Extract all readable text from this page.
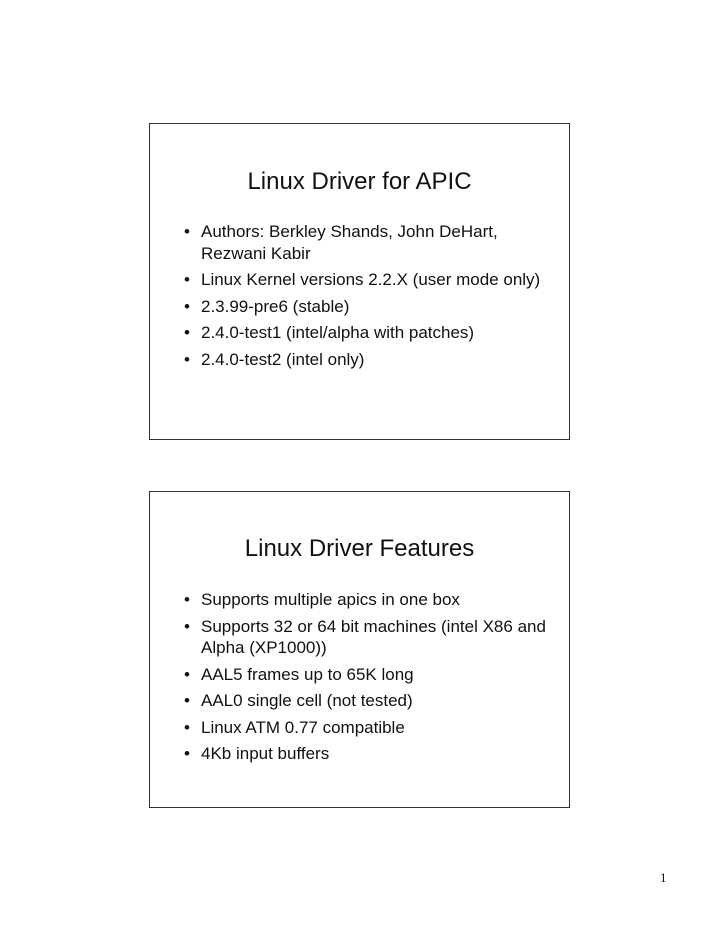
Linux Driver for APIC
• Authors: Berkley Shands, John DeHart, Rezwani Kabir
• Linux Kernel versions 2.2.X (user mode only)
• 2.3.99-pre6 (stable)
• 2.4.0-test1 (intel/alpha with patches)
• 2.4.0-test2 (intel only)
Linux Driver Features
• Supports multiple apics in one box
• Supports 32 or 64 bit machines (intel X86 and Alpha (XP1000))
• AAL5 frames up to 65K long
• AAL0 single cell (not tested)
• Linux ATM 0.77 compatible
• 4Kb input buffers
1
